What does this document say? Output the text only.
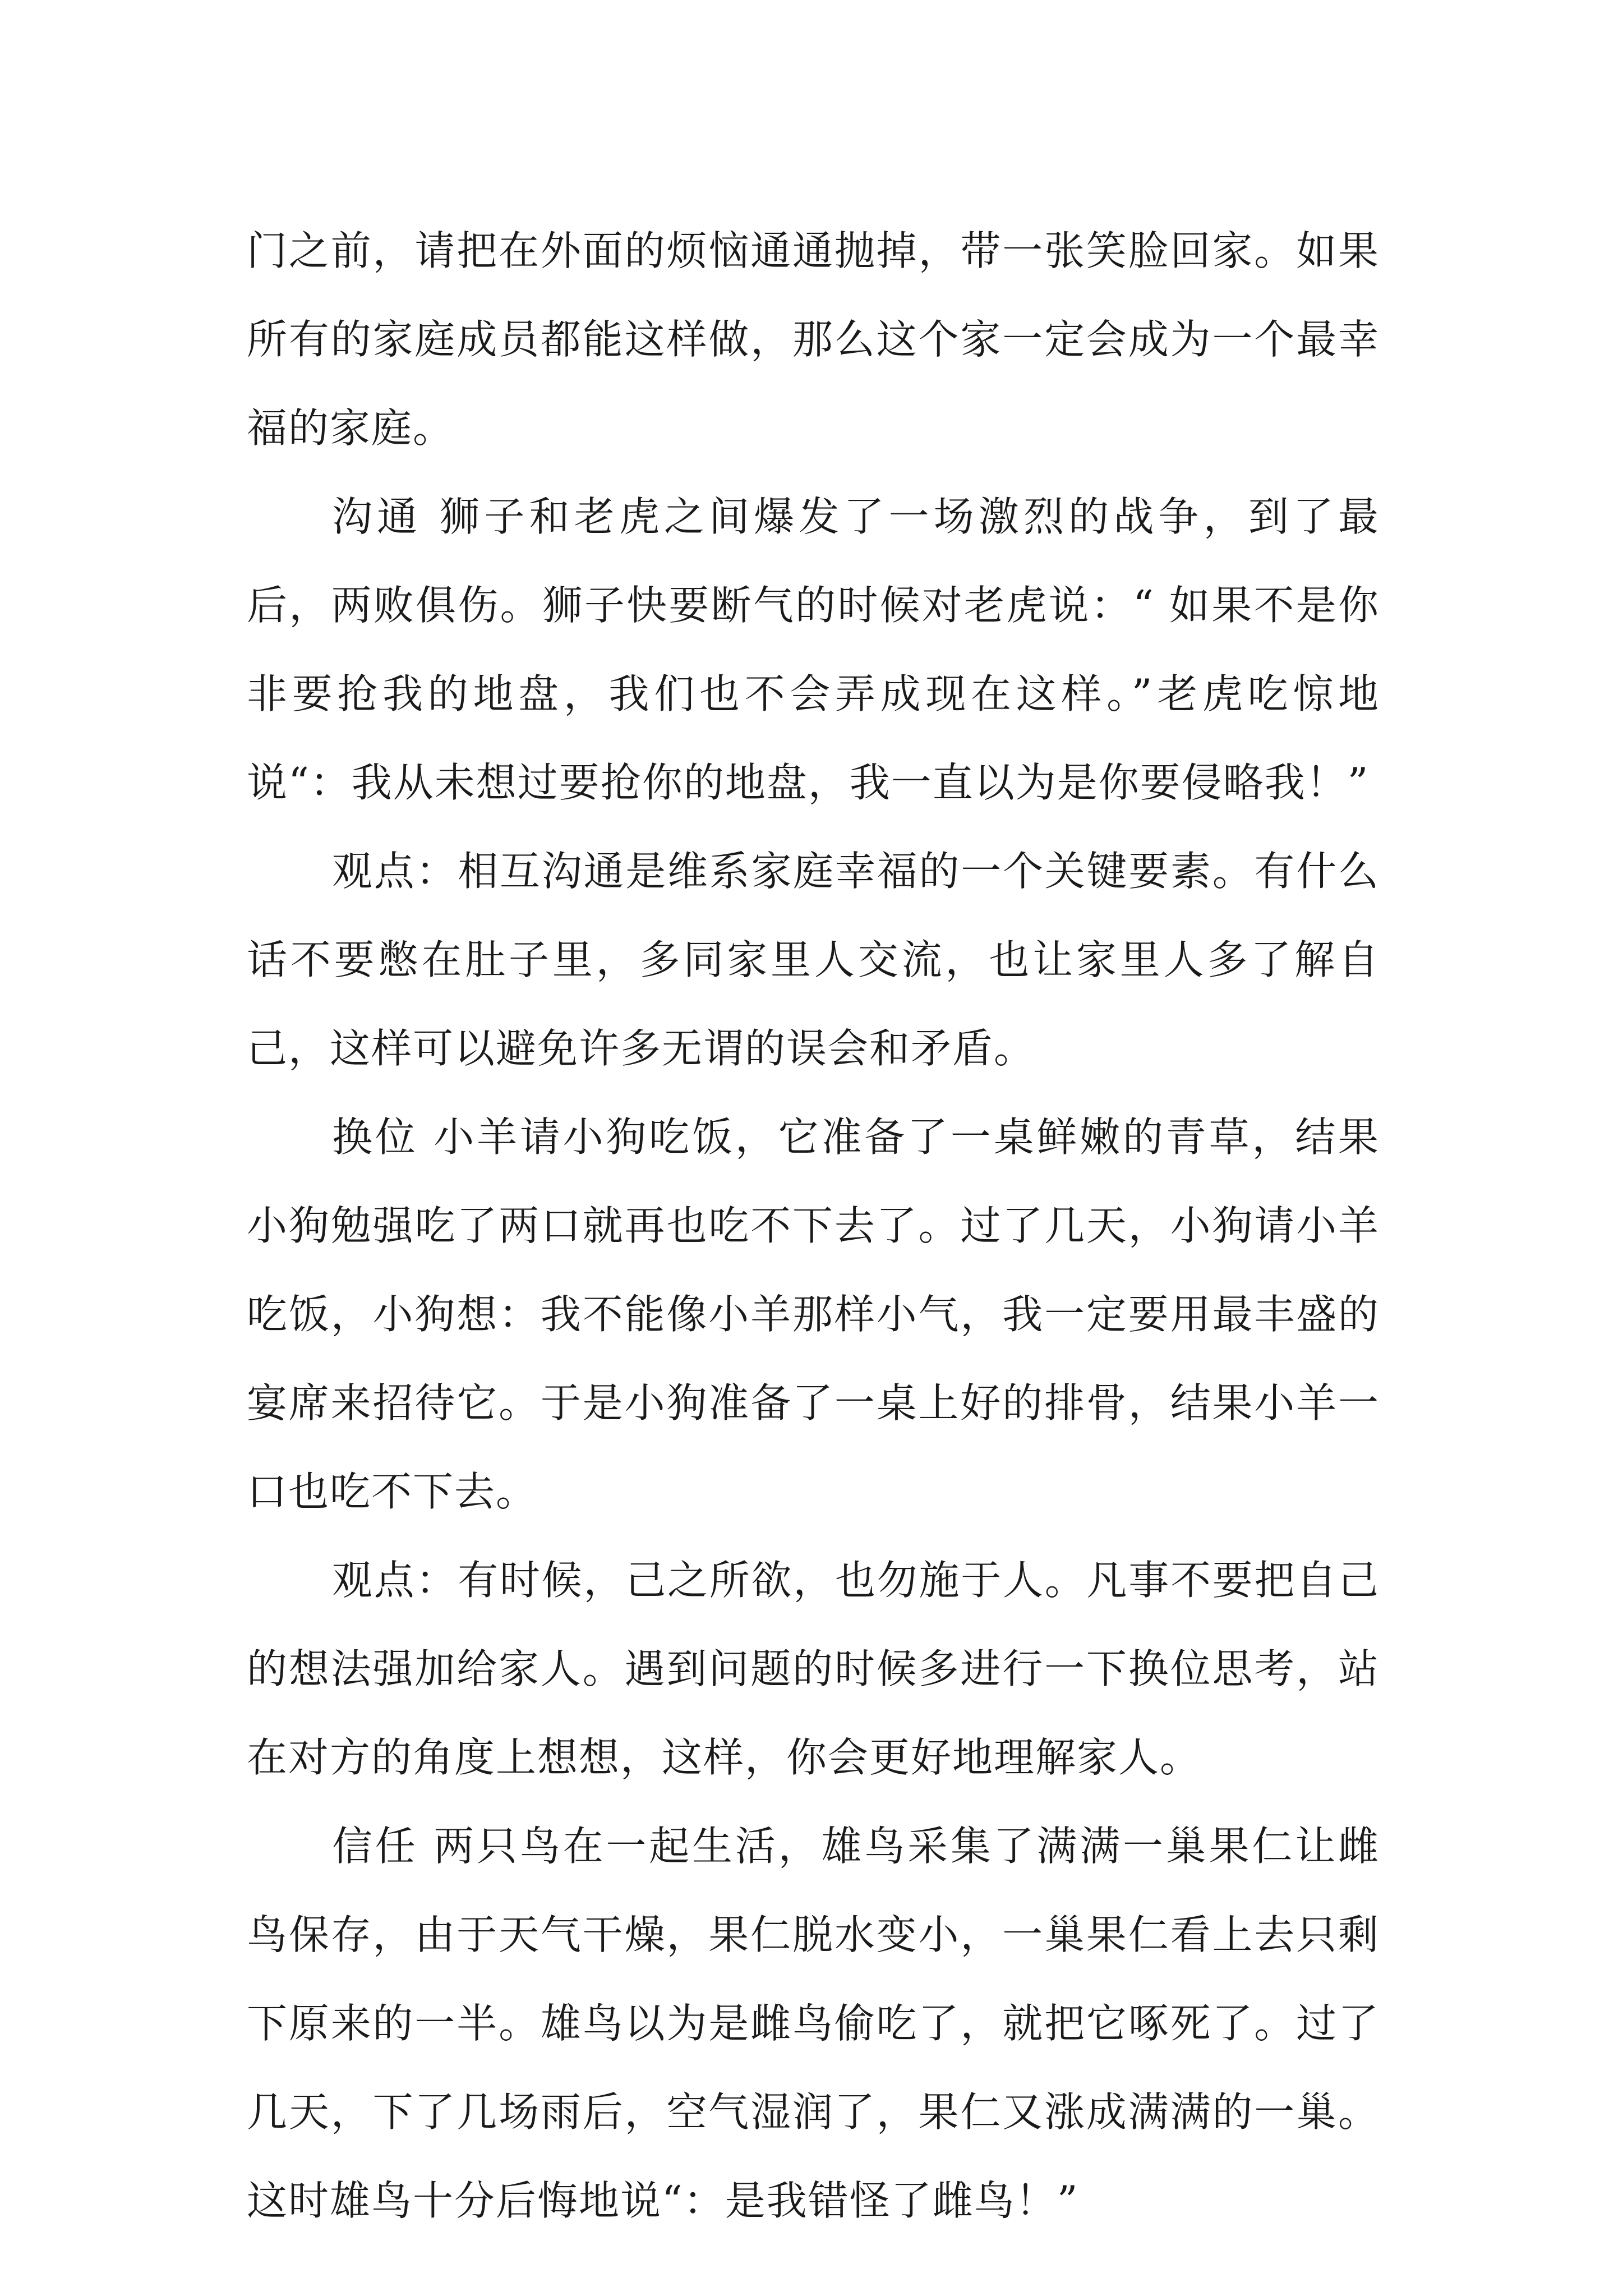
门之前，请把在外面的烦恼通通抛掉，带一张笑脸回家。如果所有的家庭成员都能这样做，那么这个家一定会成为一个最幸福的家庭。

沟通 狮子和老虎之间爆发了一场激烈的战争，到了最后，两败俱伤。狮子快要断气的时候对老虎说：“ 如果不是你非要抢我的地盘，我们也不会弄成现在这样。”老虎吃惊地说“：我从未想过要抢你的地盘，我一直以为是你要侵略我！”

观点：相互沟通是维系家庭幸福的一个关键要素。有什么话不要憋在肚子里，多同家里人交流，也让家里人多了解自己，这样可以避免许多无谓的误会和矛盾。

换位 小羊请小狗吃饭，它准备了一桌鲜嫩的青草，结果小狗勉强吃了两口就再也吃不下去了。过了几天，小狗请小羊吃饭，小狗想：我不能像小羊那样小气，我一定要用最丰盛的宴席来招待它。于是小狗准备了一桌上好的排骨，结果小羊一口也吃不下去。

观点：有时候，己之所欲，也勿施于人。凡事不要把自己的想法强加给家人。遇到问题的时候多进行一下换位思考，站在对方的角度上想想，这样，你会更好地理解家人。

信任 两只鸟在一起生活，雄鸟采集了满满一巢果仁让雌鸟保存，由于天气干燥，果仁脱水变小，一巢果仁看上去只剩下原来的一半。雄鸟以为是雌鸟偷吃了，就把它啄死了。过了几天，下了几场雨后，空气湿润了，果仁又涨成满满的一巢。这时雄鸟十分后悔地说“：是我错怪了雌鸟！”
